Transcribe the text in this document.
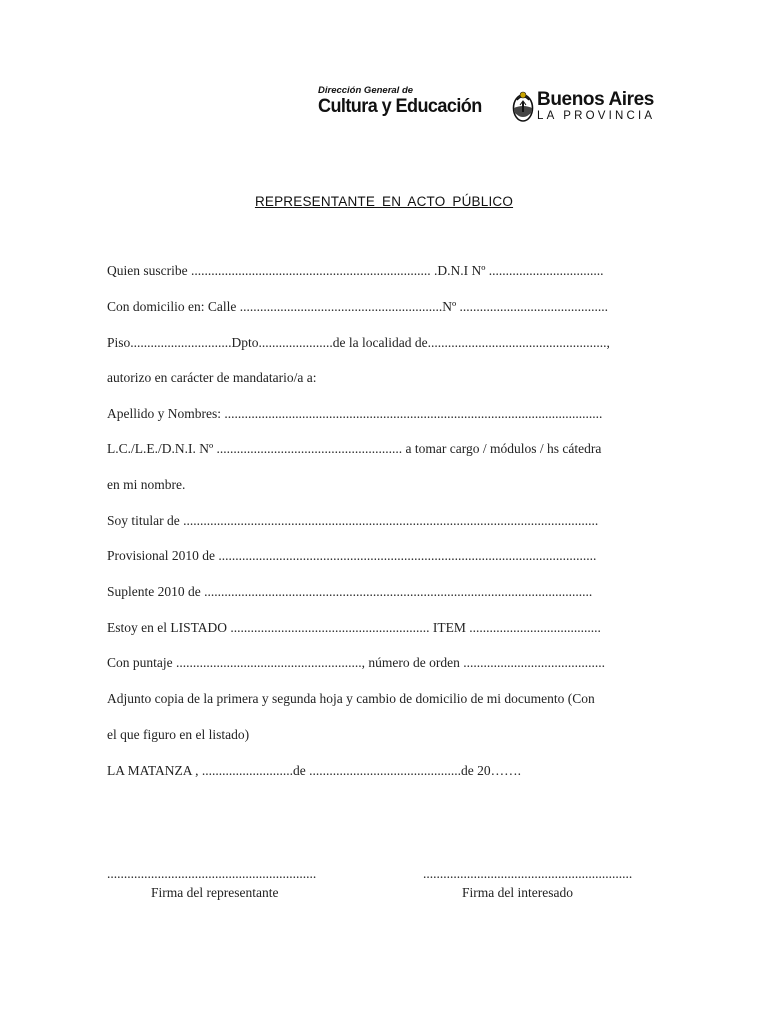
Dirección General de
Cultura y Educación	Buenos Aires
LA PROVINCIA
REPRESENTANTE EN ACTO PÚBLICO
Quien suscribe ....................................................................... .D.N.I Nº ..................................
Con domicilio en: Calle ............................................................Nº ............................................
Piso..............................Dpto......................de la localidad de.....................................................,
autorizo en carácter de mandatario/a a:
Apellido y Nombres: ................................................................................................................
L.C./L.E./D.N.I. Nº ....................................................... a tomar cargo / módulos / hs cátedra
en mi nombre.
Soy titular de ...........................................................................................................................
Provisional 2010 de ................................................................................................................
Suplente 2010 de ...................................................................................................................
Estoy en el LISTADO ........................................................... ITEM .......................................
Con puntaje ......................................................., número de orden ..........................................
Adjunto copia de la primera y segunda hoja y cambio de domicilio de mi documento (Con
el que figuro en el listado)
LA MATANZA , ...........................de .............................................de 20…….
..............................................................
Firma del representante
..............................................................
Firma del interesado
